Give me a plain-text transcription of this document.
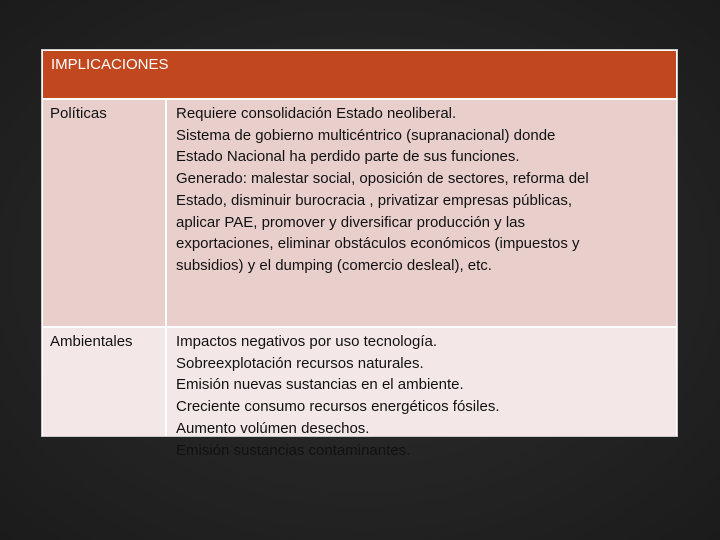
IMPLICACIONES
Políticas	Requiere consolidación Estado neoliberal.
Sistema de gobierno multicéntrico (supranacional) donde
Estado Nacional ha perdido parte de sus funciones.
Generado: malestar social, oposición de sectores, reforma del
Estado, disminuir burocracia , privatizar empresas públicas,
aplicar PAE, promover y diversificar producción y las
exportaciones, eliminar obstáculos económicos (impuestos y
subsidios) y el dumping (comercio desleal), etc.
Ambientales	Impactos negativos por uso tecnología.
Sobreexplotación recursos naturales.
Emisión nuevas sustancias en el ambiente.
Creciente consumo recursos energéticos fósiles.
Aumento volúmen desechos.
Emisión sustancias contaminantes.
